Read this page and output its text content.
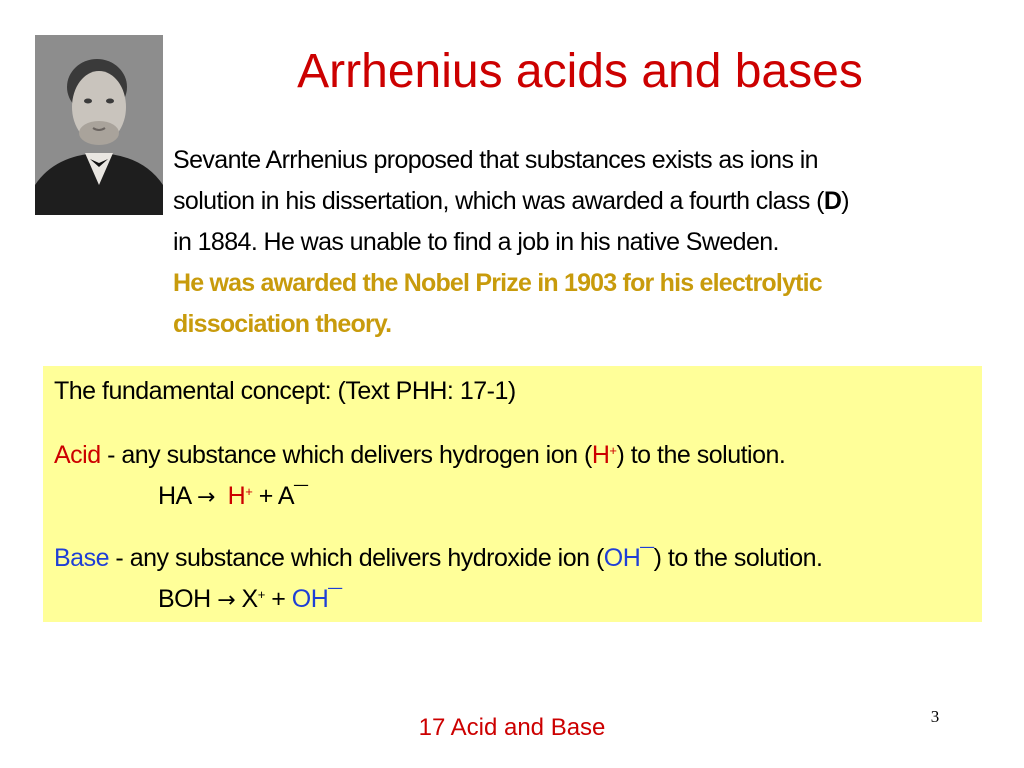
Arrhenius acids and bases
Sevante Arrhenius proposed that substances exists as ions in
solution in his dissertation, which was awarded a fourth class (D)
in 1884. He was unable to find a job in his native Sweden.
He was awarded the Nobel Prize in 1903 for his electrolytic
dissociation theory.
The fundamental concept: (Text PHH: 17-1)
Acid - any substance which delivers hydrogen ion (H+) to the solution.
HA → H+ + A¯
Base - any substance which delivers hydroxide ion (OH¯) to the solution.
BOH → X+ + OH¯
3
17 Acid and Base
